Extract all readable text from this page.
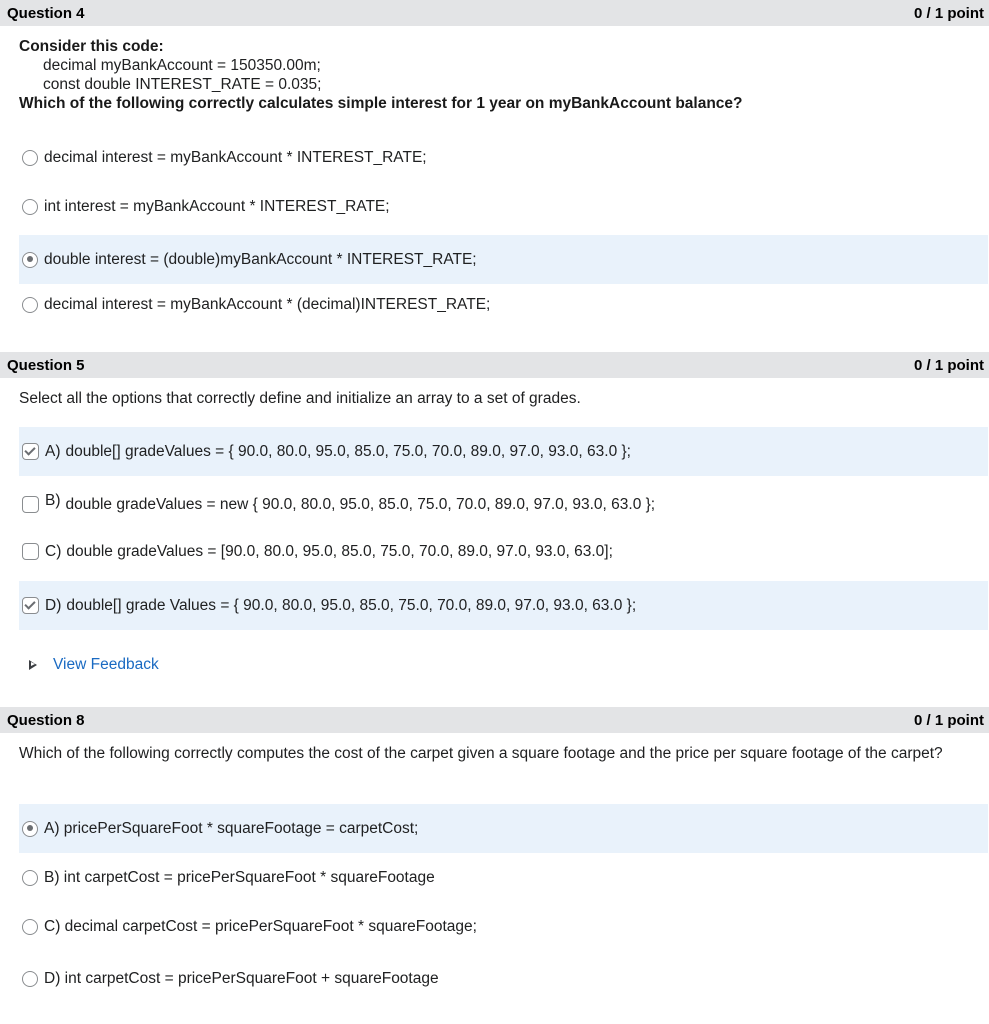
Question 4	0 / 1 point
Consider this code:
decimal myBankAccount = 150350.00m;
const double INTEREST_RATE = 0.035;
Which of the following correctly calculates simple interest for 1 year on myBankAccount balance?
decimal interest = myBankAccount * INTEREST_RATE;
int interest = myBankAccount * INTEREST_RATE;
double interest = (double)myBankAccount * INTEREST_RATE;
decimal interest = myBankAccount * (decimal)INTEREST_RATE;
Question 5	0 / 1 point
Select all the options that correctly define and initialize an array to a set of grades.
A) double[] gradeValues = { 90.0, 80.0, 95.0, 85.0, 75.0, 70.0, 89.0, 97.0, 93.0, 63.0 };
B) double gradeValues = new { 90.0, 80.0, 95.0, 85.0, 75.0, 70.0, 89.0, 97.0, 93.0, 63.0 };
C) double gradeValues = [90.0, 80.0, 95.0, 85.0, 75.0, 70.0, 89.0, 97.0, 93.0, 63.0];
D) double[] grade Values = { 90.0, 80.0, 95.0, 85.0, 75.0, 70.0, 89.0, 97.0, 93.0, 63.0 };
View Feedback
Question 8	0 / 1 point
Which of the following correctly computes the cost of the carpet given a square footage and the price per square footage of the carpet?
A) pricePerSquareFoot * squareFootage = carpetCost;
B) int carpetCost = pricePerSquareFoot * squareFootage
C) decimal carpetCost = pricePerSquareFoot * squareFootage;
D) int carpetCost = pricePerSquareFoot + squareFootage
